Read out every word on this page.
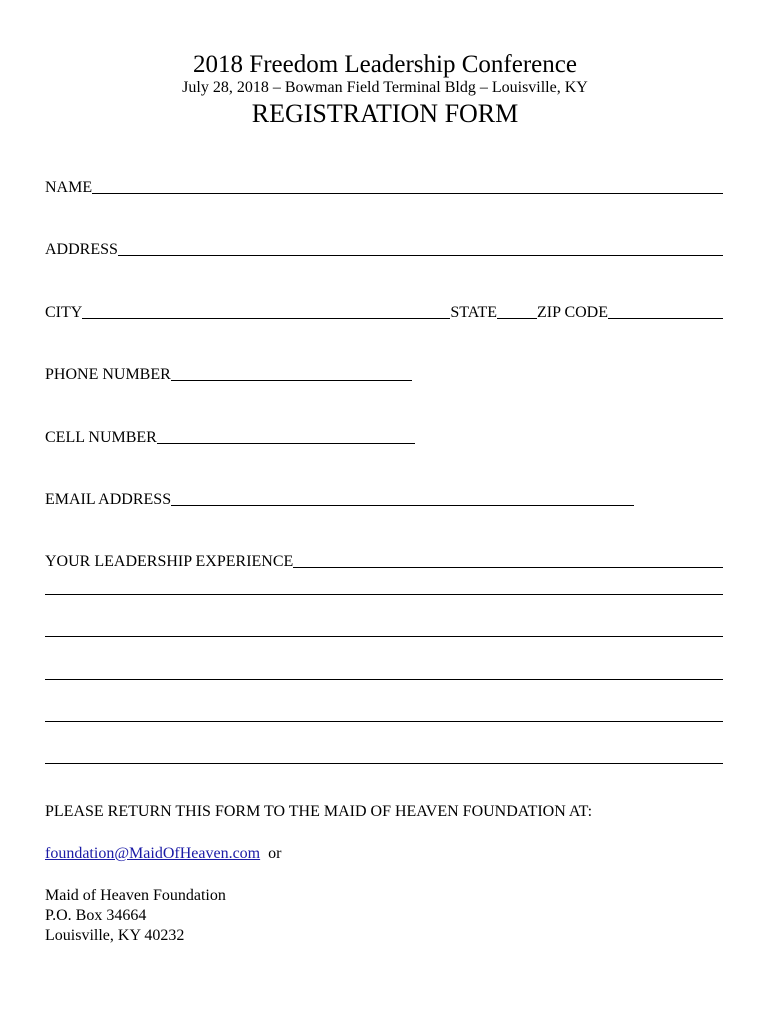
2018 Freedom Leadership Conference
July 28, 2018 – Bowman Field Terminal Bldg – Louisville, KY
REGISTRATION FORM
NAME
ADDRESS
CITY	STATE	ZIP CODE
PHONE NUMBER
CELL NUMBER
EMAIL ADDRESS
YOUR LEADERSHIP EXPERIENCE
PLEASE RETURN THIS FORM TO THE MAID OF HEAVEN FOUNDATION AT:
foundation@MaidOfHeaven.com or
Maid of Heaven Foundation
P.O. Box 34664
Louisville, KY 40232
